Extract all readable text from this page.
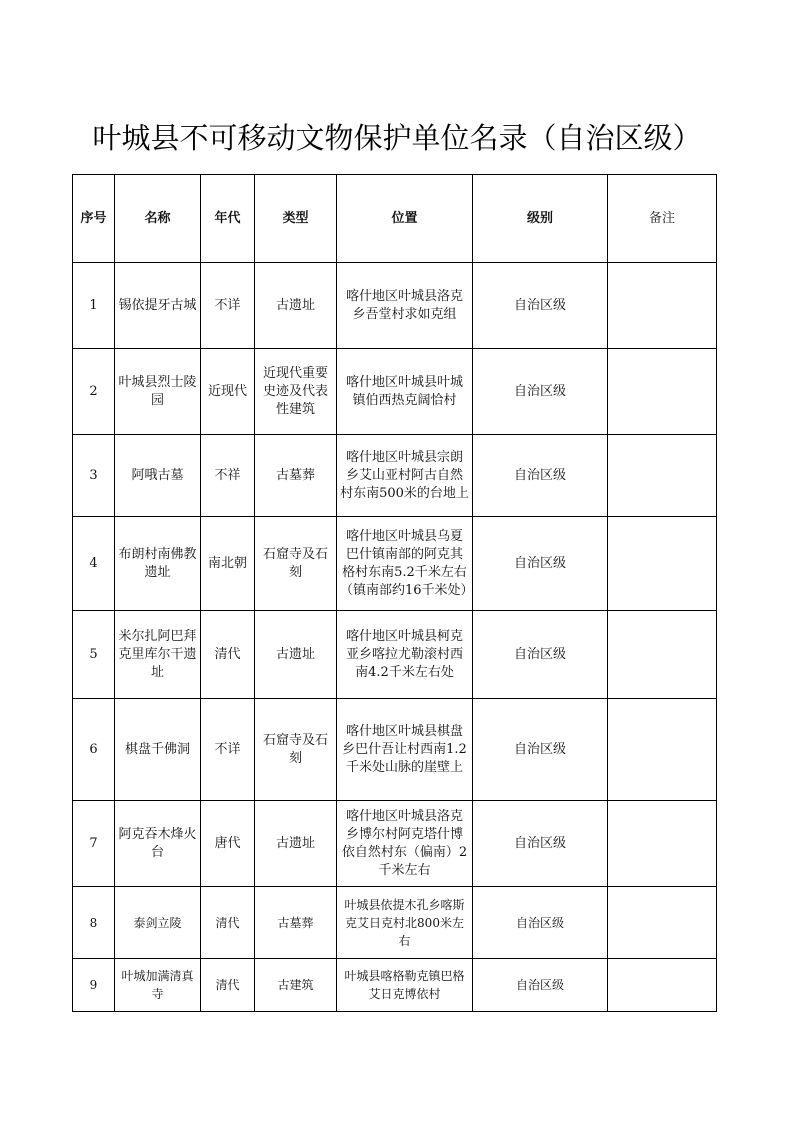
叶城县不可移动文物保护单位名录（自治区级）
序号	名称	年代	类型	位置	级别	备注
1	锡依提牙古城	不详	古遗址	喀什地区叶城县洛克乡吾堂村求如克组	自治区级	
2	叶城县烈士陵园	近现代	近现代重要史迹及代表性建筑	喀什地区叶城县叶城镇伯西热克阔恰村	自治区级	
3	阿哦古墓	不祥	古墓葬	喀什地区叶城县宗朗乡艾山亚村阿古自然村东南500米的台地上	自治区级	
4	布朗村南佛教遗址	南北朝	石窟寺及石刻	喀什地区叶城县乌夏巴什镇南部的阿克其格村东南5.2千米左右（镇南部约16千米处）	自治区级	
5	米尔扎阿巴拜克里库尔干遗址	清代	古遗址	喀什地区叶城县柯克亚乡喀拉尤勒滚村西南4.2千米左右处	自治区级	
6	棋盘千佛洞	不详	石窟寺及石刻	喀什地区叶城县棋盘乡巴什吾让村西南1.2千米处山脉的崖壁上	自治区级	
7	阿克吞木烽火台	唐代	古遗址	喀什地区叶城县洛克乡博尔村阿克塔什博依自然村东（偏南）2千米左右	自治区级	
8	泰剑立陵	清代	古墓葬	叶城县依提木孔乡喀斯克艾日克村北800米左右	自治区级	
9	叶城加满清真寺	清代	古建筑	叶城县喀格勒克镇巴格艾日克博依村	自治区级	
